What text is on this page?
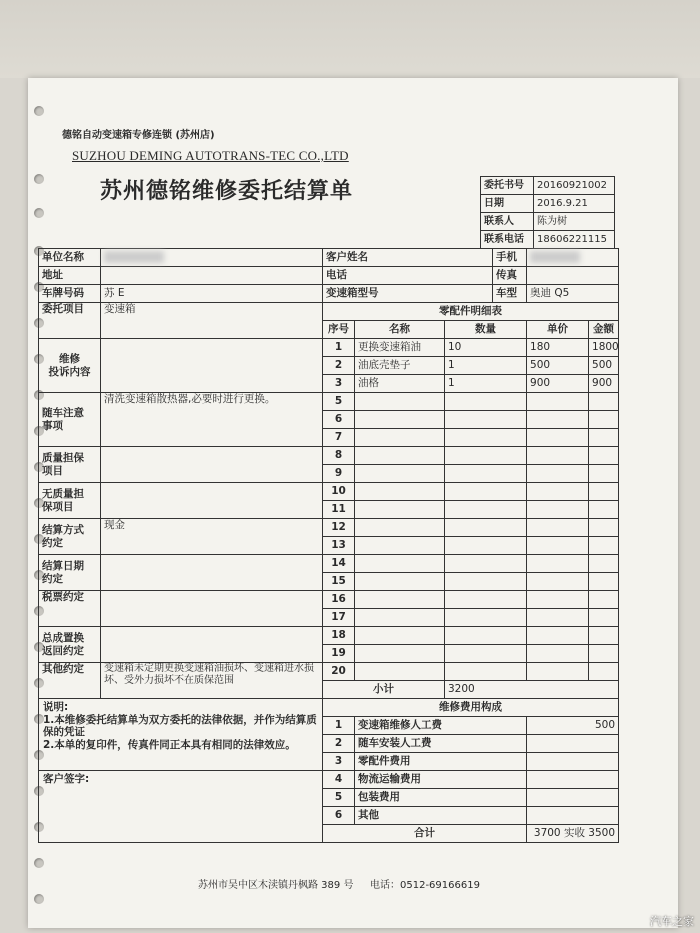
德铭自动变速箱专修连锁 (苏州店)
SUZHOU DEMING AUTOTRANS-TEC CO.,LTD
苏州德铭维修委托结算单	委托书号	20160921002
日期	2016.9.21
联系人	陈为树
联系电话	18606221115
单位名称		客户姓名			手机		
地址		电话			传真		
车牌号码	苏 E	变速箱型号			车型	奥迪 Q5	
委托项目	变速箱	零配件明细表					
		序号	名称	数量		单价	金额
维修
投诉内容		1	更换变速箱油	10		180	1800
		2	油底壳垫子	1		500	500
		3	油格	1		900	900
随车注意
事项	清洗变速箱散热器,必要时进行更换。	5					
		6					
		7					
质量担保
项目		8					
		9					
无质量担
保项目		10					
		11					
结算方式
约定	现金	12					
		13					
结算日期
约定		14					
		15					
税票约定		16					
		17					
总成置换
返回约定		18					
		19					
其他约定	变速箱未定期更换变速箱油损坏、变速箱进水损坏、受外力损坏不在质保范围	20					
		小计		3200			

说明:
1.本维修委托结算单为双方委托的法律依据，并作为结算质保的凭证
2.本单的复印件，传真件同正本具有相同的法律效应。		维修费用构成					
		1	变速箱维修人工费			500	
		2	随车安装人工费				
		3	零配件费用				
客户签字:		4	物流运输费用				
		5	包装费用				
		6	其他				
		合计				3700 实收 3500	
苏州市吴中区木渎镇丹枫路 389 号 电话：0512-69166619
汽车之家
